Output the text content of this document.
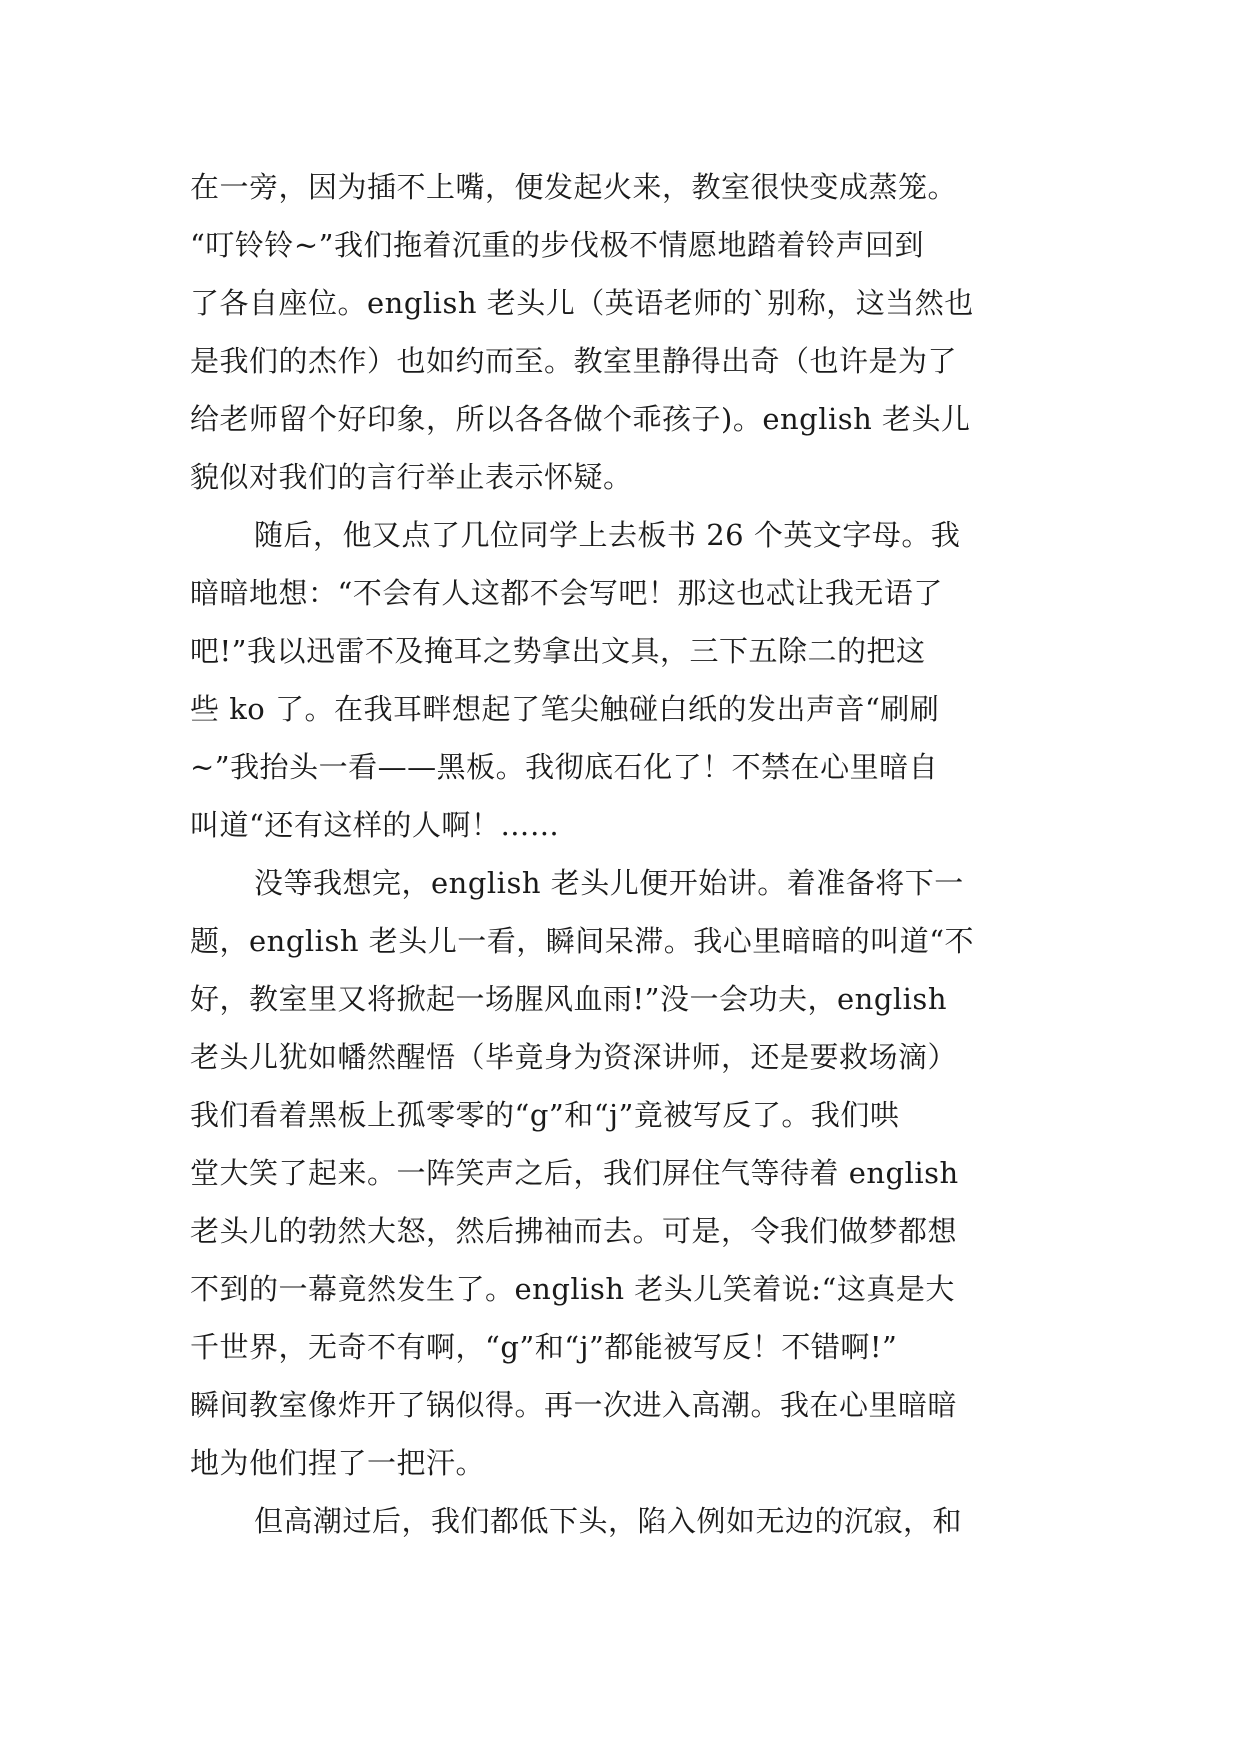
在一旁，因为插不上嘴，便发起火来，教室很快变成蒸笼。
“叮铃铃~”我们拖着沉重的步伐极不情愿地踏着铃声回到
了各自座位。english 老头儿（英语老师的`别称，这当然也
是我们的杰作）也如约而至。教室里静得出奇（也许是为了
给老师留个好印象，所以各各做个乖孩子)。english 老头儿
貌似对我们的言行举止表示怀疑。
随后，他又点了几位同学上去板书 26 个英文字母。我
暗暗地想：“不会有人这都不会写吧！那这也忒让我无语了
吧!”我以迅雷不及掩耳之势拿出文具，三下五除二的把这
些 ko 了。在我耳畔想起了笔尖触碰白纸的发出声音“刷刷
~”我抬头一看——黑板。我彻底石化了！不禁在心里暗自
叫道“还有这样的人啊！……
没等我想完，english 老头儿便开始讲。着准备将下一
题，english 老头儿一看，瞬间呆滞。我心里暗暗的叫道“不
好，教室里又将掀起一场腥风血雨!”没一会功夫，english
老头儿犹如幡然醒悟（毕竟身为资深讲师，还是要救场滴）
我们看着黑板上孤零零的“g”和“j”竟被写反了。我们哄
堂大笑了起来。一阵笑声之后，我们屏住气等待着 english
老头儿的勃然大怒，然后拂袖而去。可是，令我们做梦都想
不到的一幕竟然发生了。english 老头儿笑着说:“这真是大
千世界，无奇不有啊，“g”和“j”都能被写反！不错啊!”
瞬间教室像炸开了锅似得。再一次进入高潮。我在心里暗暗
地为他们捏了一把汗。
但高潮过后，我们都低下头，陷入例如无边的沉寂，和
